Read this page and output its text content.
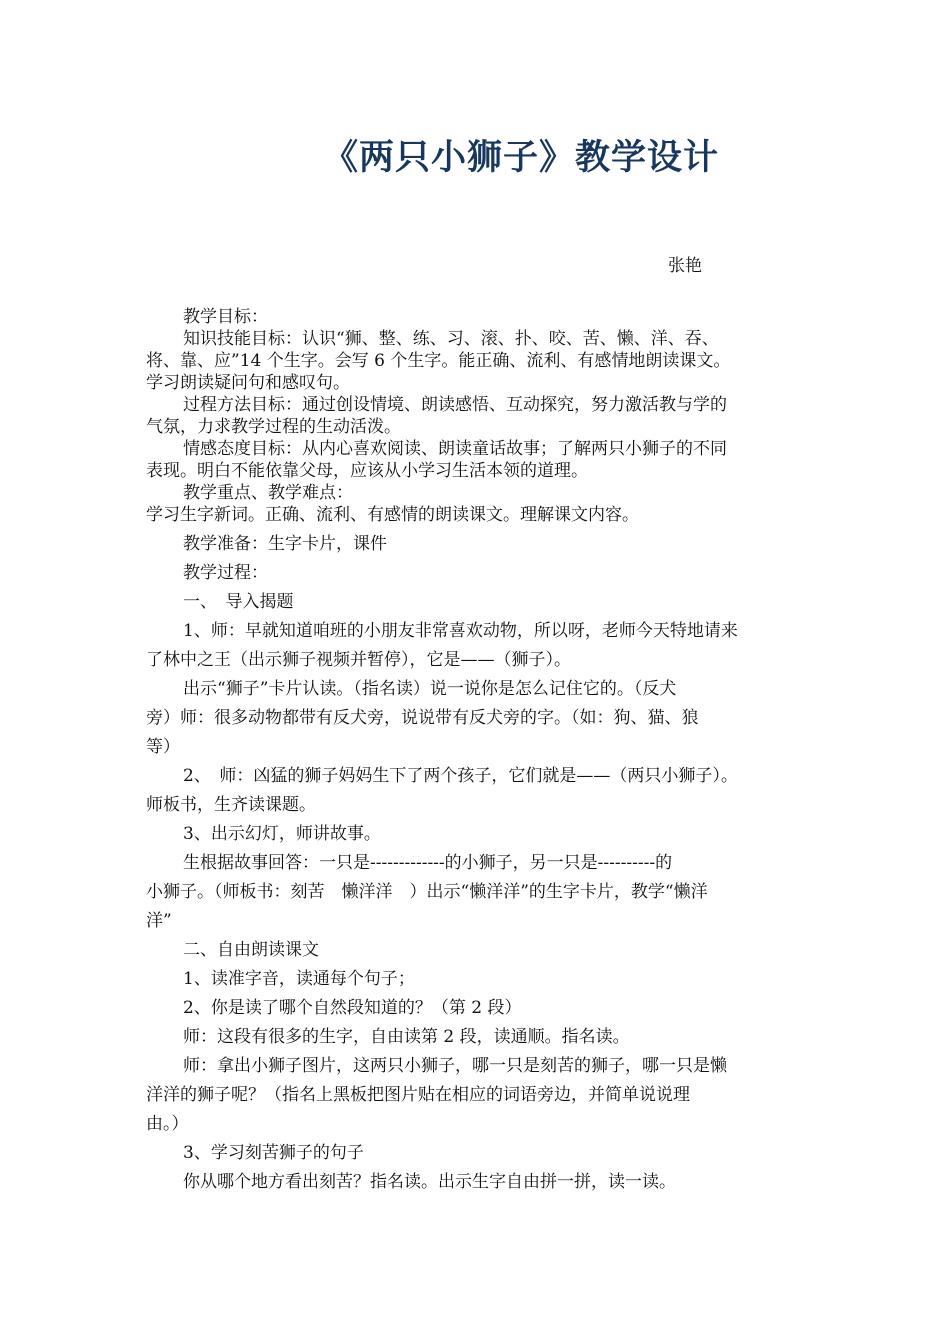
《两只小狮子》教学设计
张艳

教学目标：

知识技能目标：认识“狮、整、练、习、滚、扑、咬、苦、懒、洋、吞、

将、靠、应”14 个生字。会写 6 个生字。能正确、流利、有感情地朗读课文。

学习朗读疑问句和感叹句。

过程方法目标：通过创设情境、朗读感悟、互动探究，努力激活教与学的

气氛，力求教学过程的生动活泼。

情感态度目标：从内心喜欢阅读、朗读童话故事；了解两只小狮子的不同

表现。明白不能依靠父母，应该从小学习生活本领的道理。

教学重点、教学难点：

学习生字新词。正确、流利、有感情的朗读课文。理解课文内容。

教学准备：生字卡片，课件

教学过程：

一、　导入揭题

1、师：早就知道咱班的小朋友非常喜欢动物，所以呀，老师今天特地请来

了林中之王（出示狮子视频并暂停），它是——（狮子）。

出示“狮子”卡片认读。（指名读）说一说你是怎么记住它的。（反犬

旁）师：很多动物都带有反犬旁，说说带有反犬旁的字。（如：狗、猫、狼

等）

2、　师：凶猛的狮子妈妈生下了两个孩子，它们就是——（两只小狮子）。

师板书，生齐读课题。

3、出示幻灯，师讲故事。

生根据故事回答：一只是-------------的小狮子，另一只是----------的

小狮子。（师板书：刻苦　懒洋洋　）出示“懒洋洋”的生字卡片，教学“懒洋

洋”

二、自由朗读课文

1、读准字音，读通每个句子；

2、你是读了哪个自然段知道的？（第 2 段）

师：这段有很多的生字，自由读第 2 段，读通顺。指名读。

师：拿出小狮子图片，这两只小狮子，哪一只是刻苦的狮子，哪一只是懒

洋洋的狮子呢？（指名上黑板把图片贴在相应的词语旁边，并简单说说理

由。）

3、学习刻苦狮子的句子

你从哪个地方看出刻苦？指名读。出示生字自由拼一拼，读一读。
